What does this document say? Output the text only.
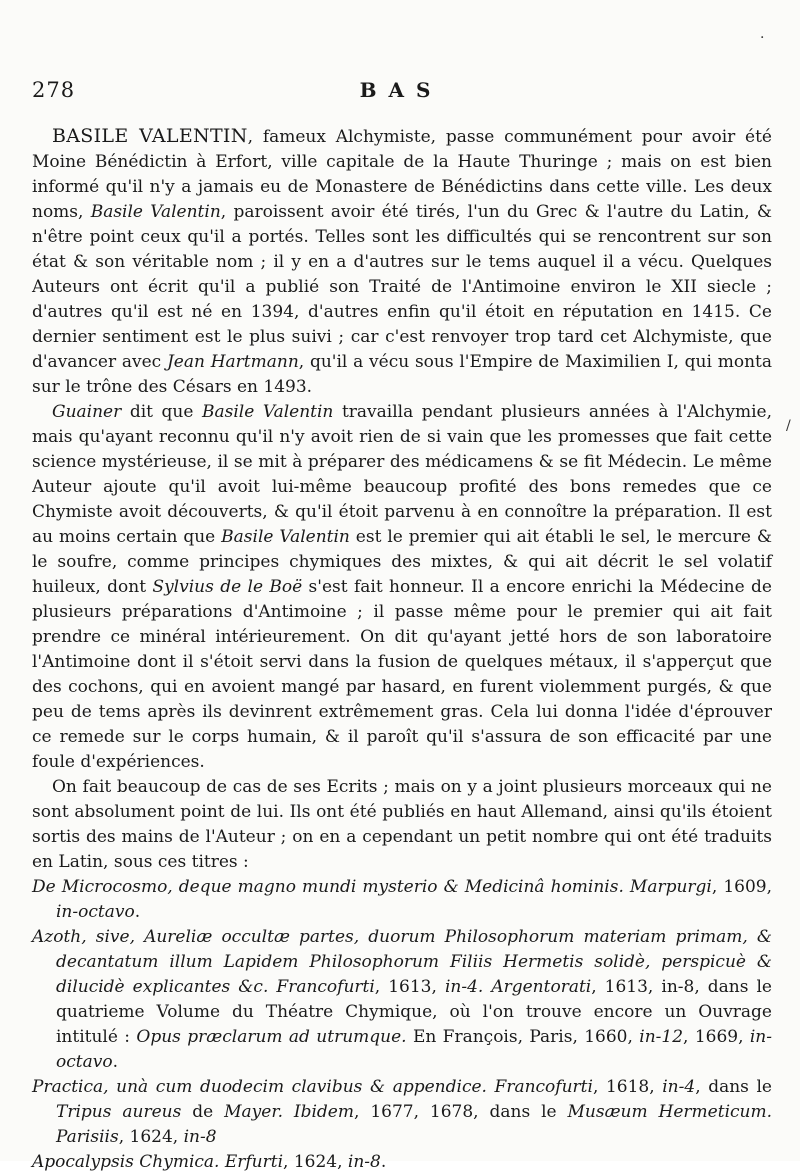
278	BAS

BASILE VALENTIN, fameux Alchymiste, passe communément pour avoir été Moine Bénédictin à Erfort, ville capitale de la Haute Thuringe ; mais on est bien informé qu'il n'y a jamais eu de Monastere de Bénédictins dans cette ville. Les deux noms, Basile Valentin, paroissent avoir été tirés, l'un du Grec & l'autre du Latin, & n'être point ceux qu'il a portés. Telles sont les difficultés qui se rencontrent sur son état & son véritable nom ; il y en a d'autres sur le tems auquel il a vécu. Quelques Auteurs ont écrit qu'il a publié son Traité de l'Antimoine environ le XII siecle ; d'autres qu'il est né en 1394, d'autres enfin qu'il étoit en réputation en 1415. Ce dernier sentiment est le plus suivi ; car c'est renvoyer trop tard cet Alchymiste, que d'avancer avec Jean Hartmann, qu'il a vécu sous l'Empire de Maximilien I, qui monta sur le trône des Césars en 1493.

Guainer dit que Basile Valentin travailla pendant plusieurs années à l'Alchymie, mais qu'ayant reconnu qu'il n'y avoit rien de si vain que les promesses que fait cette science mystérieuse, il se mit à préparer des médicamens & se fit Médecin. Le même Auteur ajoute qu'il avoit lui-même beaucoup profité des bons remedes que ce Chymiste avoit découverts, & qu'il étoit parvenu à en connoître la préparation. Il est au moins certain que Basile Valentin est le premier qui ait établi le sel, le mercure & le soufre, comme principes chymiques des mixtes, & qui ait décrit le sel volatif huileux, dont Sylvius de le Boë s'est fait honneur. Il a encore enrichi la Médecine de plusieurs préparations d'Antimoine ; il passe même pour le premier qui ait fait prendre ce minéral intérieurement. On dit qu'ayant jetté hors de son laboratoire l'Antimoine dont il s'étoit servi dans la fusion de quelques métaux, il s'apperçut que des cochons, qui en avoient mangé par hasard, en furent violemment purgés, & que peu de tems après ils devinrent extrêmement gras. Cela lui donna l'idée d'éprouver ce remede sur le corps humain, & il paroît qu'il s'assura de son efficacité par une foule d'expériences.

On fait beaucoup de cas de ses Ecrits ; mais on y a joint plusieurs morceaux qui ne sont absolument point de lui. Ils ont été publiés en haut Allemand, ainsi qu'ils étoient sortis des mains de l'Auteur ; on en a cependant un petit nombre qui ont été traduits en Latin, sous ces titres :

De Microcosmo, deque magno mundi mysterio & Medicinâ hominis. Marpurgi, 1609, in-octavo.

Azoth, sive, Aureliæ occultæ partes, duorum Philosophorum materiam primam, & decantatum illum Lapidem Philosophorum Filiis Hermetis solidè, perspicuè & dilucidè explicantes &c. Francofurti, 1613, in-4. Argentorati, 1613, in-8, dans le quatrieme Volume du Théatre Chymique, où l'on trouve encore un Ouvrage intitulé : Opus præclarum ad utrumque. En François, Paris, 1660, in-12, 1669, in-octavo.

Practica, unà cum duodecim clavibus & appendice. Francofurti, 1618, in-4, dans le Tripus aureus de Mayer. Ibidem, 1677, 1678, dans le Musæum Hermeticum. Parisiis, 1624, in-8

Apocalypsis Chymica. Erfurti, 1624, in-8.

/
·
